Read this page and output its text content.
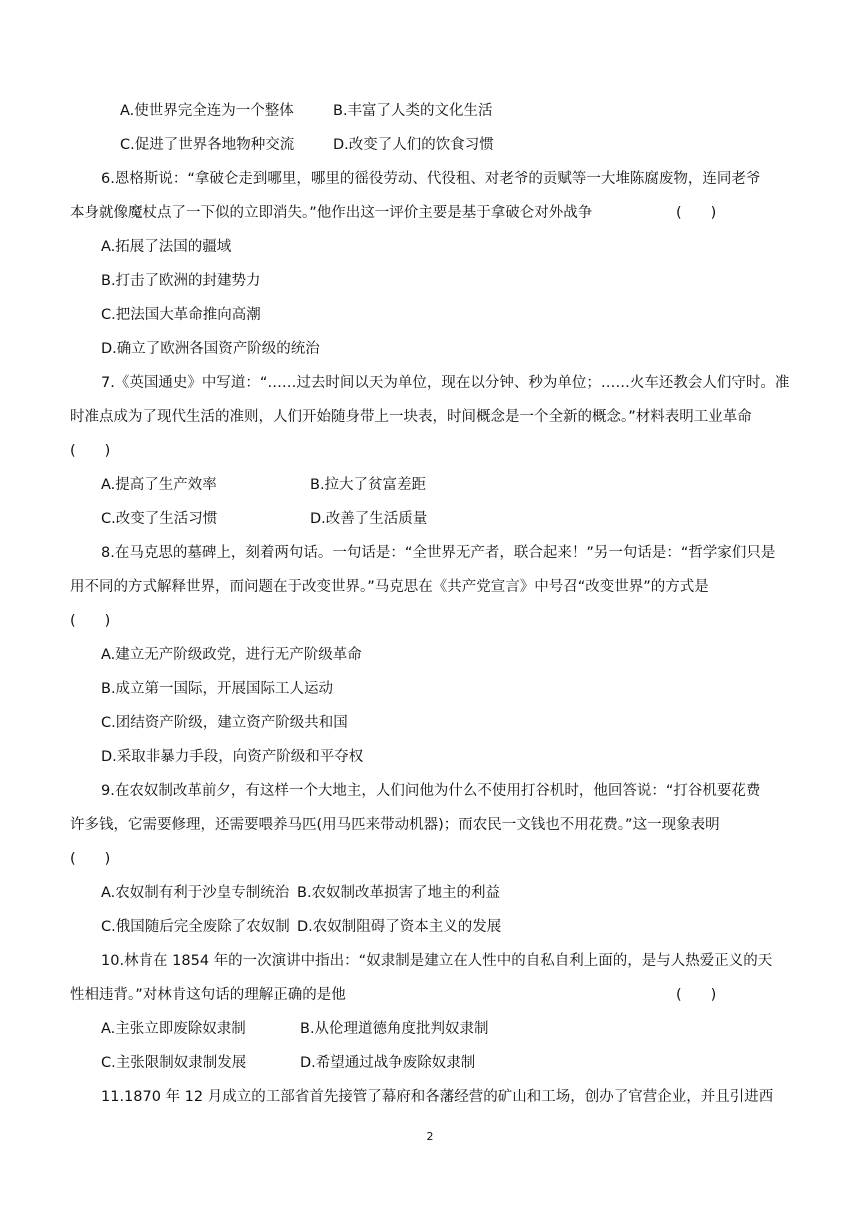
A.使世界完全连为一个整体	B.丰富了人类的文化生活
C.促进了世界各地物种交流	D.改变了人们的饮食习惯
6.恩格斯说：“拿破仑走到哪里，哪里的徭役劳动、代役租、对老爷的贡赋等一大堆陈腐废物，连同老爷
本身就像魔杖点了一下似的立即消失。”他作出这一评价主要是基于拿破仑对外战争	(　　)
A.拓展了法国的疆域
B.打击了欧洲的封建势力
C.把法国大革命推向高潮
D.确立了欧洲各国资产阶级的统治
7.《英国通史》中写道：“……过去时间以天为单位，现在以分钟、秒为单位；……火车还教会人们守时。准
时准点成为了现代生活的准则，人们开始随身带上一块表，时间概念是一个全新的概念。”材料表明工业革命
(　　)
A.提高了生产效率	B.拉大了贫富差距
C.改变了生活习惯	D.改善了生活质量
8.在马克思的墓碑上，刻着两句话。一句话是：“全世界无产者，联合起来！”另一句话是：“哲学家们只是
用不同的方式解释世界，而问题在于改变世界。”马克思在《共产党宣言》中号召“改变世界”的方式是
(　　)
A.建立无产阶级政党，进行无产阶级革命
B.成立第一国际，开展国际工人运动
C.团结资产阶级，建立资产阶级共和国
D.采取非暴力手段，向资产阶级和平夺权
9.在农奴制改革前夕，有这样一个大地主，人们问他为什么不使用打谷机时，他回答说：“打谷机要花费
许多钱，它需要修理，还需要喂养马匹(用马匹来带动机器)；而农民一文钱也不用花费。”这一现象表明
(　　)
A.农奴制有利于沙皇专制统治 B.农奴制改革损害了地主的利益
C.俄国随后完全废除了农奴制 D.农奴制阻碍了资本主义的发展
10.林肯在 1854 年的一次演讲中指出：“奴隶制是建立在人性中的自私自利上面的，是与人热爱正义的天
性相违背。”对林肯这句话的理解正确的是他	(　　)
A.主张立即废除奴隶制	B.从伦理道德角度批判奴隶制
C.主张限制奴隶制发展	D.希望通过战争废除奴隶制
11.1870 年 12 月成立的工部省首先接管了幕府和各藩经营的矿山和工场，创办了官营企业，并且引进西
2
